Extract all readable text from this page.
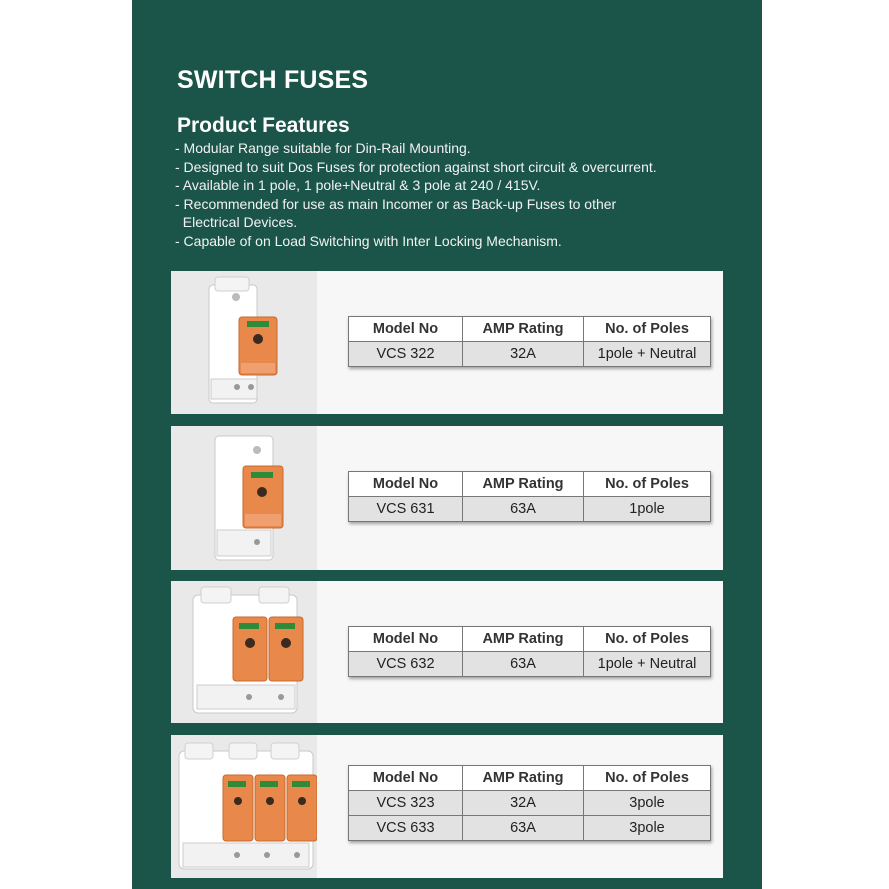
SWITCH FUSES
Product Features
- Modular Range suitable for Din-Rail Mounting.
- Designed to suit Dos Fuses for protection against short circuit & overcurrent.
- Available in 1 pole, 1 pole+Neutral & 3 pole at 240 / 415V.
- Recommended for use as main Incomer or as Back-up Fuses to other
Electrical Devices.
- Capable of on Load Switching with Inter Locking Mechanism.
Model No	AMP Rating	No. of Poles
VCS 322	32A	1pole + Neutral
Model No	AMP Rating	No. of Poles
VCS 631	63A	1pole
Model No	AMP Rating	No. of Poles
VCS 632	63A	1pole + Neutral
Model No	AMP Rating	No. of Poles
VCS 323	32A	3pole
VCS 633	63A	3pole
